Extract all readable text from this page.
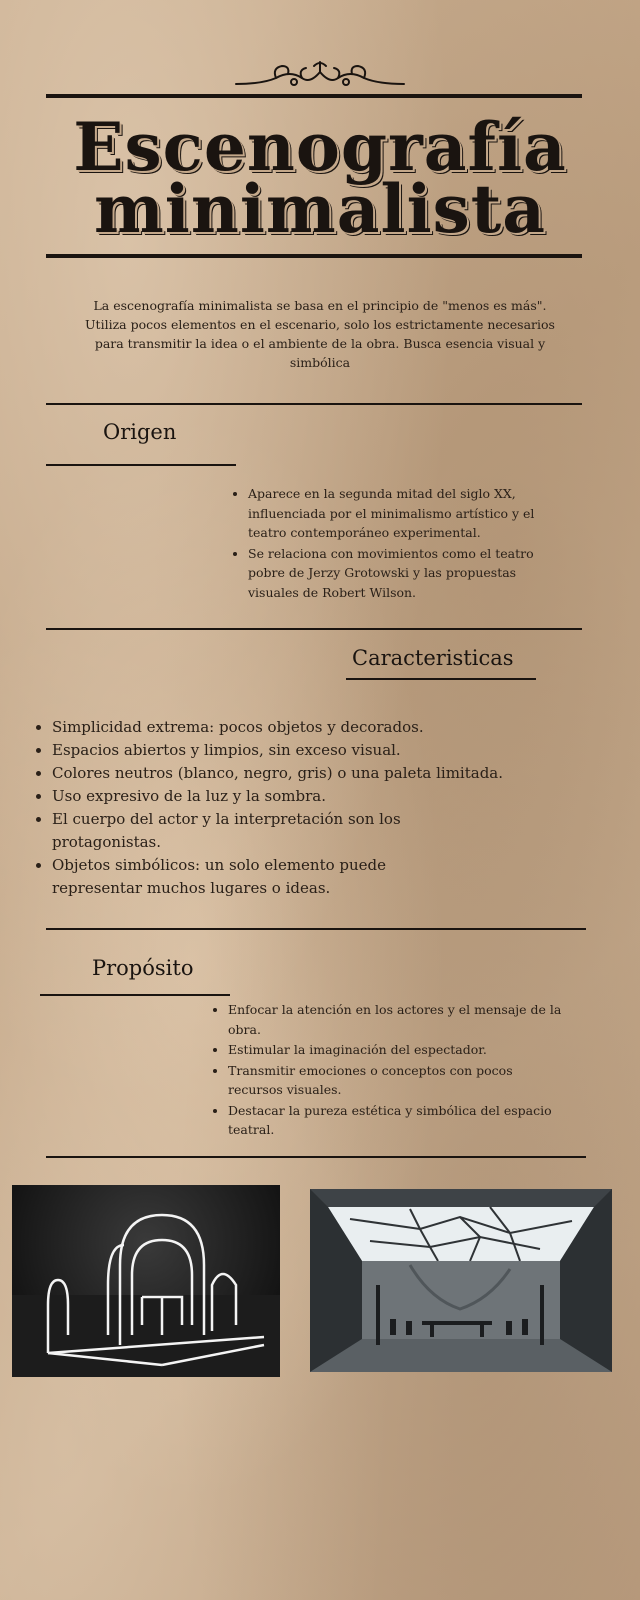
Escenografía
minimalista
La escenografía minimalista se basa en el principio de "menos es más". Utiliza pocos elementos en el escenario, solo los estrictamente necesarios para transmitir la idea o el ambiente de la obra. Busca esencia visual y simbólica
Origen
• Aparece en la segunda mitad del siglo XX, influenciada por el minimalismo artístico y el teatro contemporáneo experimental.
• Se relaciona con movimientos como el teatro pobre de Jerzy Grotowski y las propuestas visuales de Robert Wilson.
Caracteristicas
• Simplicidad extrema: pocos objetos y decorados.
• Espacios abiertos y limpios, sin exceso visual.
• Colores neutros (blanco, negro, gris) o una paleta limitada.
• Uso expresivo de la luz y la sombra.
• El cuerpo del actor y la interpretación son los protagonistas.
• Objetos simbólicos: un solo elemento puede representar muchos lugares o ideas.
Propósito
• Enfocar la atención en los actores y el mensaje de la obra.
• Estimular la imaginación del espectador.
• Transmitir emociones o conceptos con pocos recursos visuales.
• Destacar la pureza estética y simbólica del espacio teatral.
